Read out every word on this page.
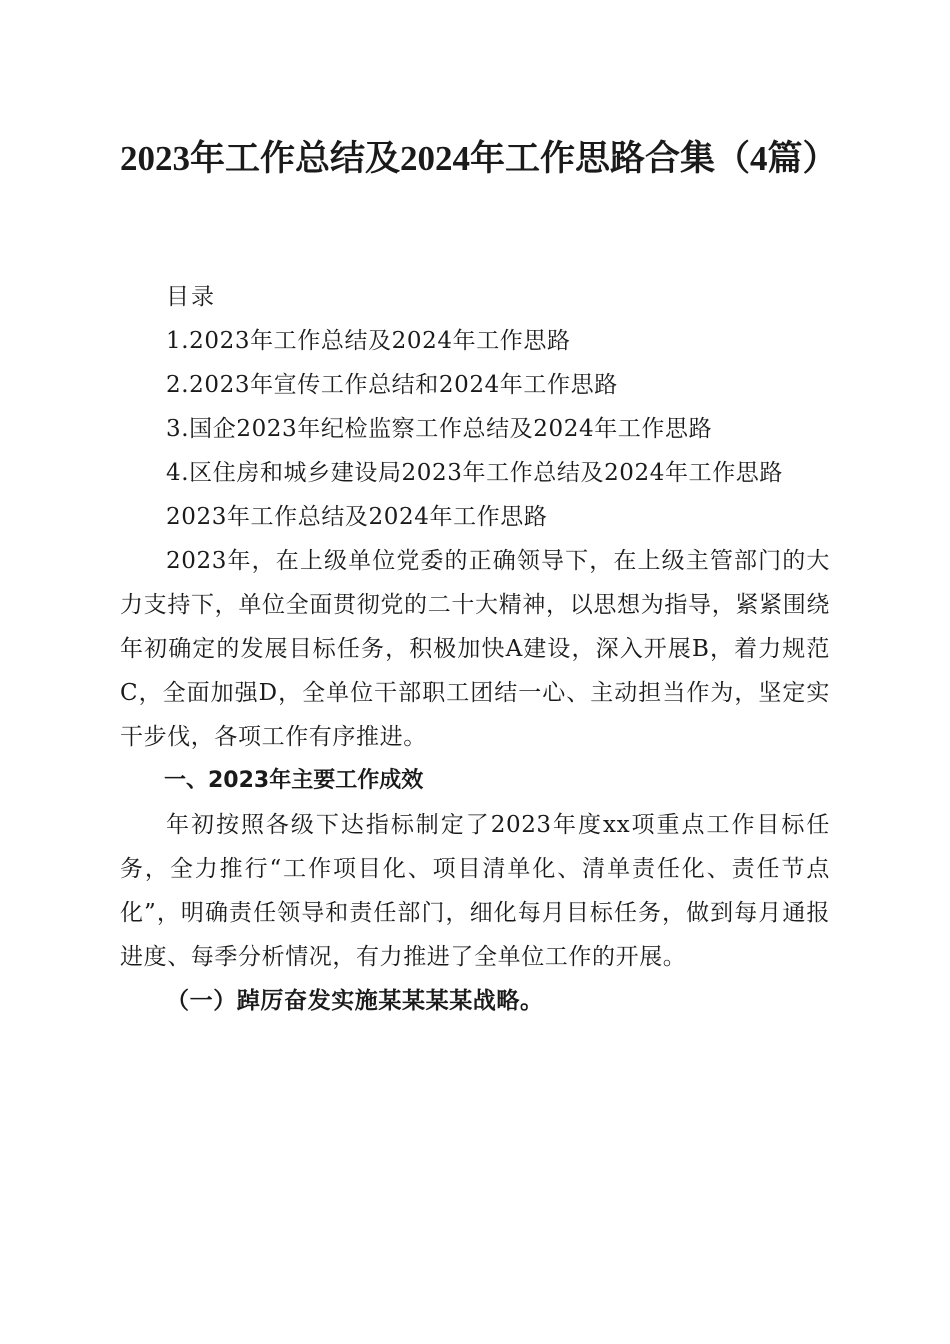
2023年工作总结及2024年工作思路合集（4篇）

目录

1.2023年工作总结及2024年工作思路

2.2023年宣传工作总结和2024年工作思路

3.国企2023年纪检监察工作总结及2024年工作思路

4.区住房和城乡建设局2023年工作总结及2024年工作思路

2023年工作总结及2024年工作思路

2023年，在上级单位党委的正确领导下，在上级主管部门的大力支持下，单位全面贯彻党的二十大精神，以思想为指导，紧紧围绕年初确定的发展目标任务，积极加快A建设，深入开展B，着力规范C，全面加强D，全单位干部职工团结一心、主动担当作为，坚定实干步伐，各项工作有序推进。

一、2023年主要工作成效

年初按照各级下达指标制定了2023年度xx项重点工作目标任务，全力推行“工作项目化、项目清单化、清单责任化、责任节点化”，明确责任领导和责任部门，细化每月目标任务，做到每月通报进度、每季分析情况，有力推进了全单位工作的开展。

（一）踔厉奋发实施某某某某战略。
